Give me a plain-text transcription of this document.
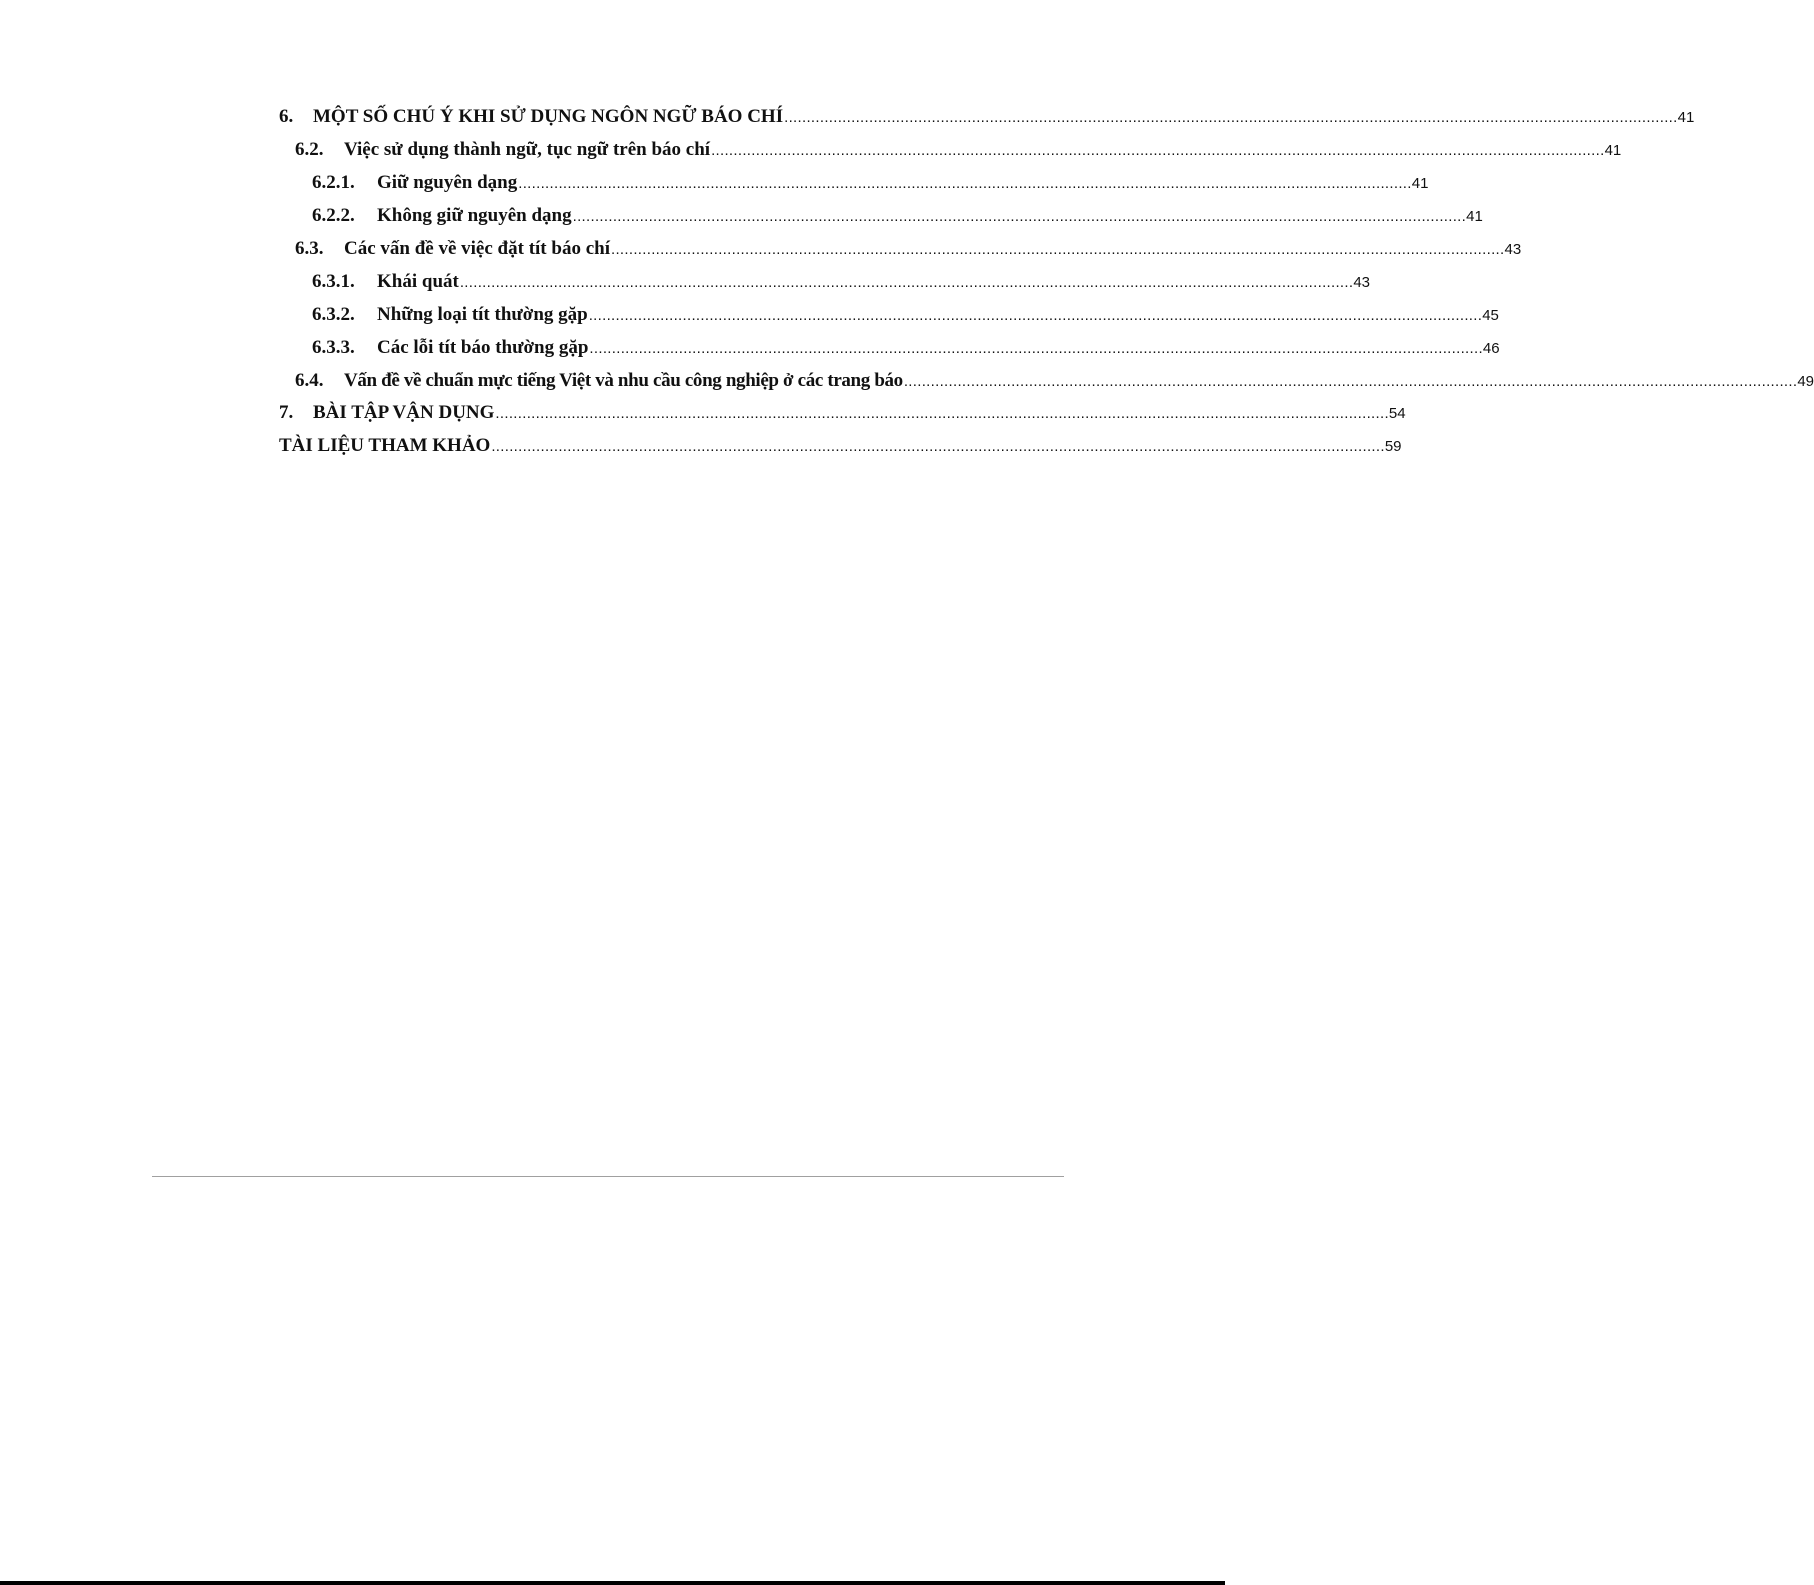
6.	MỘT SỐ CHÚ Ý KHI SỬ DỤNG NGÔN NGỮ BÁO CHÍ ........................................................................................................................................................................................................ 41
6.2.	Việc sử dụng thành ngữ, tục ngữ trên báo chí ........................................................................................................................................................................................................ 41
6.2.1.	Giữ nguyên dạng ........................................................................................................................................................................................................ 41
6.2.2.	Không giữ nguyên dạng ........................................................................................................................................................................................................ 41
6.3.	Các vấn đề về việc đặt tít báo chí ........................................................................................................................................................................................................ 43
6.3.1.	Khái quát ........................................................................................................................................................................................................ 43
6.3.2.	Những loại tít thường gặp ........................................................................................................................................................................................................ 45
6.3.3.	Các lỗi tít báo thường gặp ........................................................................................................................................................................................................ 46
6.4.	Vấn đề về chuẩn mực tiếng Việt và nhu cầu công nghiệp ở các trang báo ........................................................................................................................................................................................................ 49
7.	BÀI TẬP VẬN DỤNG ........................................................................................................................................................................................................ 54
TÀI LIỆU THAM KHẢO ........................................................................................................................................................................................................ 59
